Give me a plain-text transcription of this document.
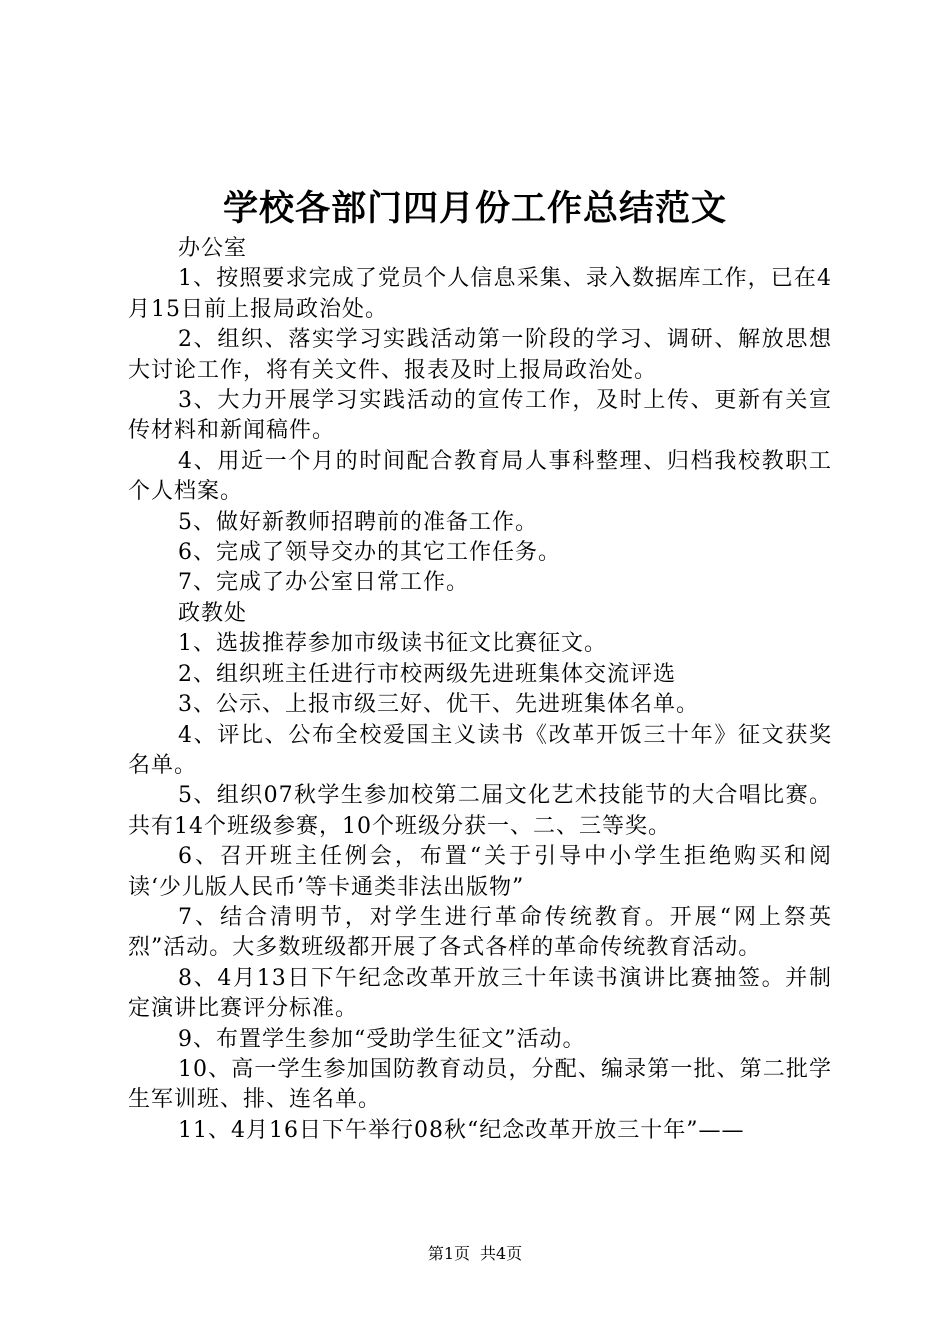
学校各部门四月份工作总结范文

办公室

1、按照要求完成了党员个人信息采集、录入数据库工作，已在4月15日前上报局政治处。

2、组织、落实学习实践活动第一阶段的学习、调研、解放思想大讨论工作，将有关文件、报表及时上报局政治处。

3、大力开展学习实践活动的宣传工作，及时上传、更新有关宣传材料和新闻稿件。

4、用近一个月的时间配合教育局人事科整理、归档我校教职工个人档案。

5、做好新教师招聘前的准备工作。

6、完成了领导交办的其它工作任务。

7、完成了办公室日常工作。

政教处

1、选拔推荐参加市级读书征文比赛征文。

2、组织班主任进行市校两级先进班集体交流评选

3、公示、上报市级三好、优干、先进班集体名单。

4、评比、公布全校爱国主义读书《改革开饭三十年》征文获奖名单。

5、组织07秋学生参加校第二届文化艺术技能节的大合唱比赛。共有14个班级参赛，10个班级分获一、二、三等奖。

6、召开班主任例会，布置“关于引导中小学生拒绝购买和阅读‘少儿版人民币’等卡通类非法出版物”

7、结合清明节，对学生进行革命传统教育。开展“网上祭英烈”活动。大多数班级都开展了各式各样的革命传统教育活动。

8、4月13日下午纪念改革开放三十年读书演讲比赛抽签。并制定演讲比赛评分标准。

9、布置学生参加“受助学生征文”活动。

10、高一学生参加国防教育动员，分配、编录第一批、第二批学生军训班、排、连名单。

11、4月16日下午举行08秋“纪念改革开放三十年”——

第1页 共4页
